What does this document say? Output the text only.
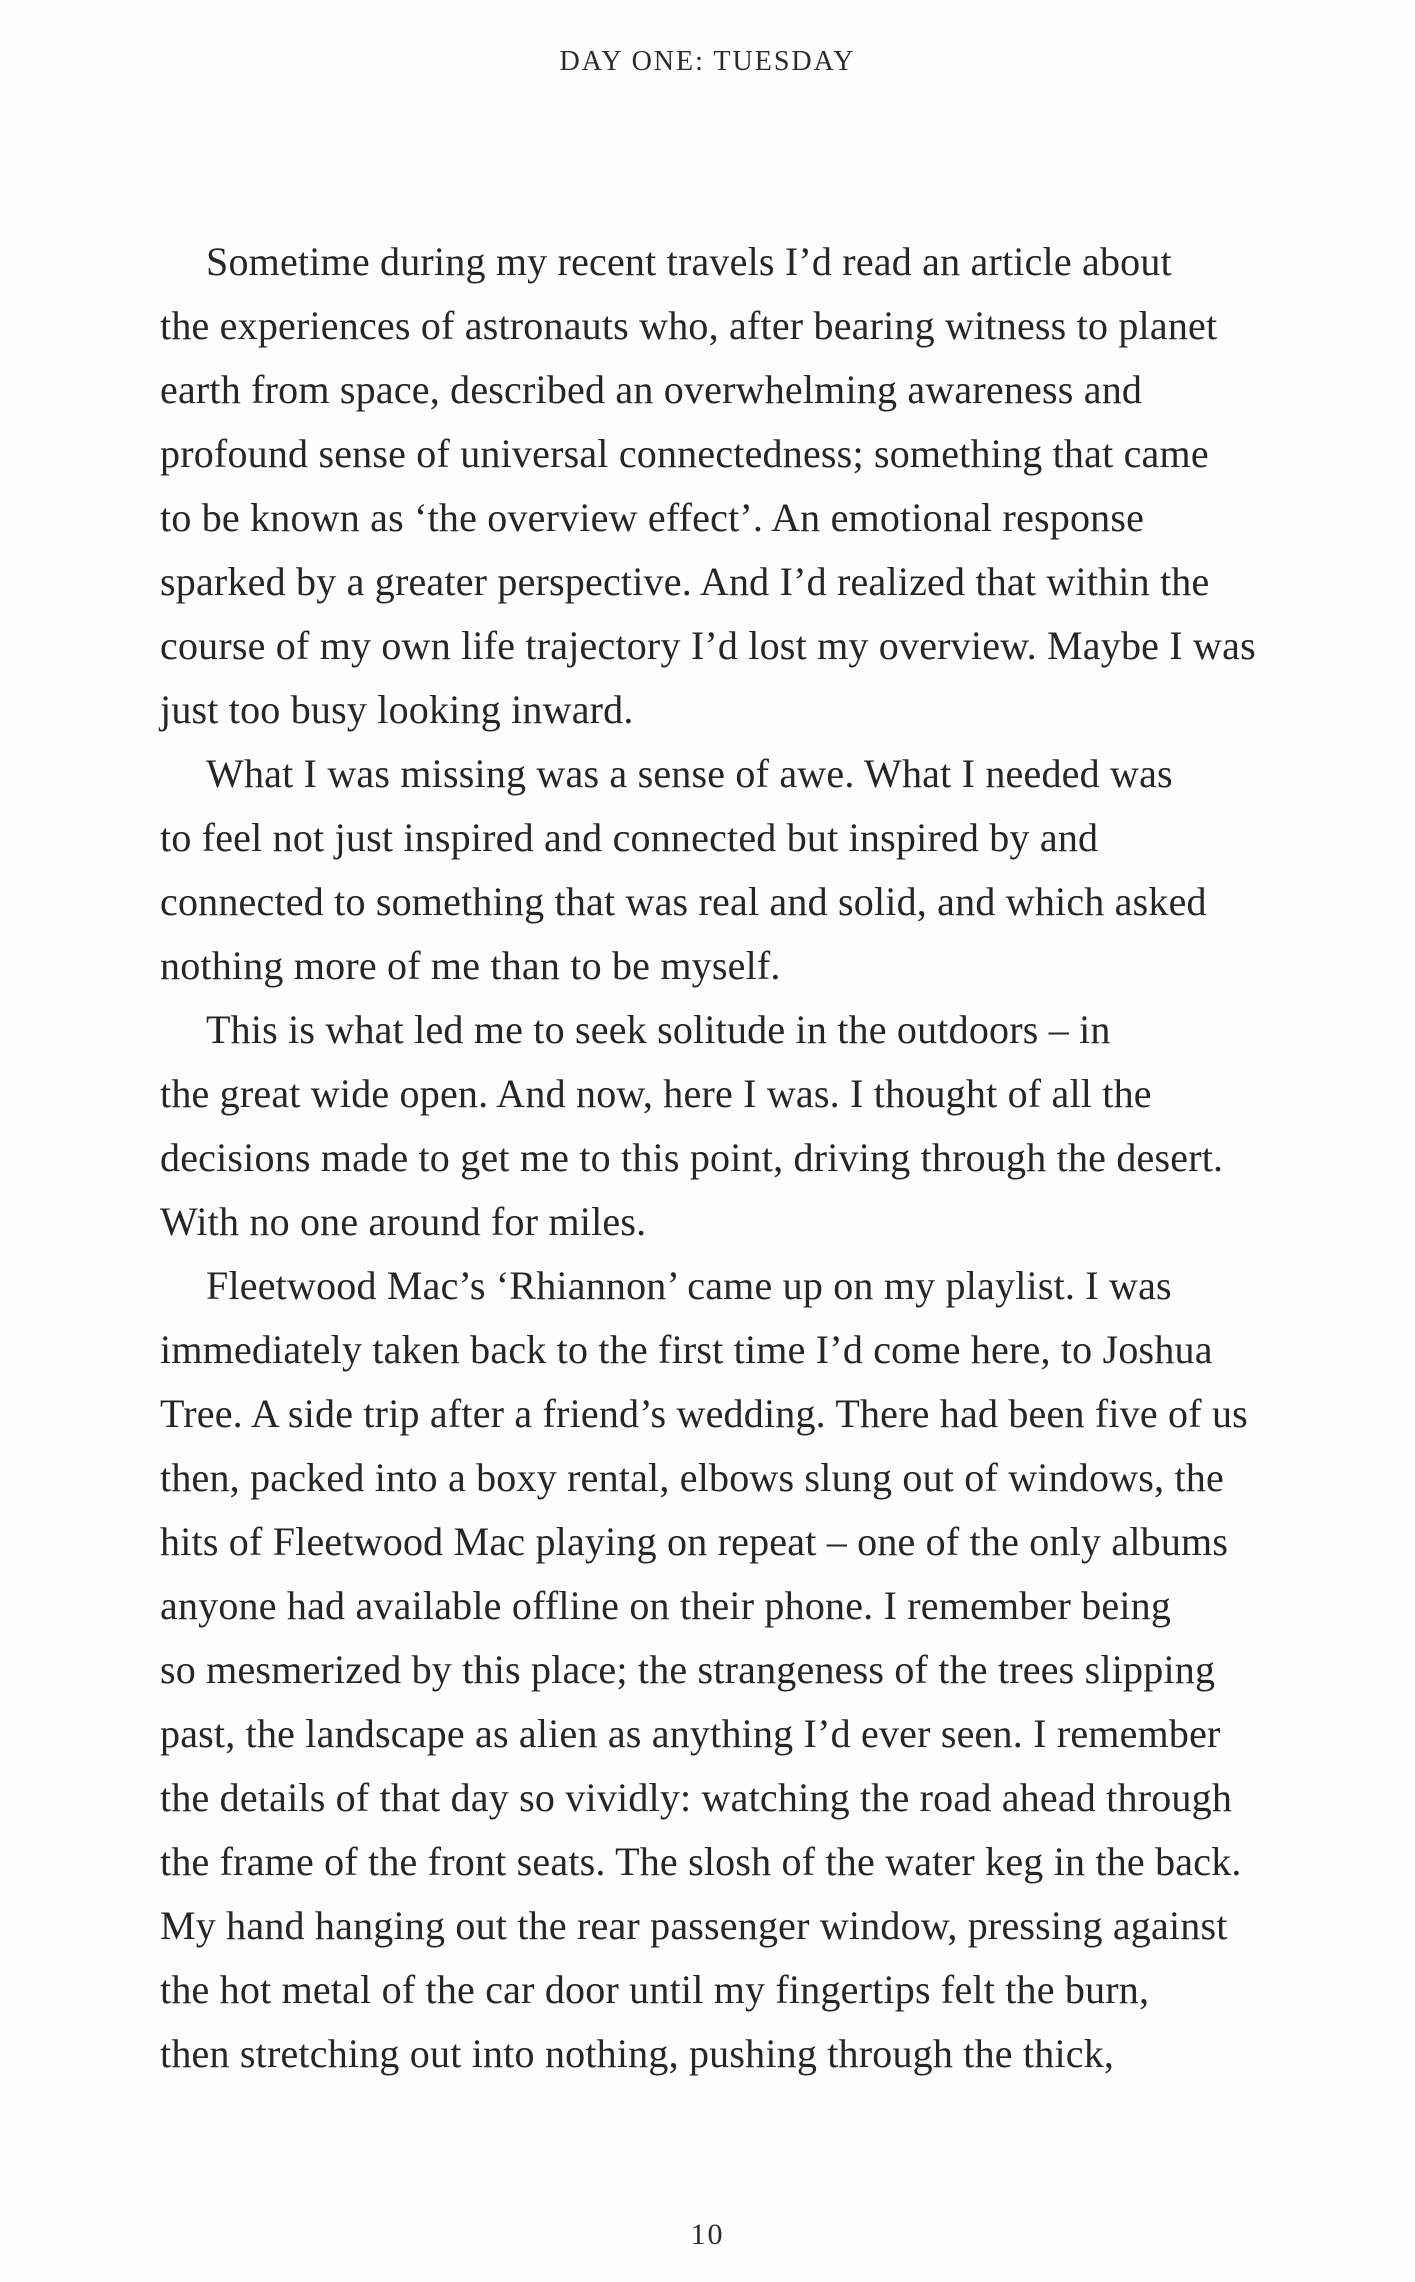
DAY ONE: TUESDAY
Sometime during my recent travels I’d read an article about
the experiences of astronauts who, after bearing witness to planet
earth from space, described an overwhelming awareness and
profound sense of universal connectedness; something that came
to be known as ‘the overview effect’. An emotional response
sparked by a greater perspective. And I’d realized that within the
course of my own life trajectory I’d lost my overview. Maybe I was
just too busy looking inward.
What I was missing was a sense of awe. What I needed was
to feel not just inspired and connected but inspired by and
connected to something that was real and solid, and which asked
nothing more of me than to be myself.
This is what led me to seek solitude in the outdoors – in
the great wide open. And now, here I was. I thought of all the
decisions made to get me to this point, driving through the desert.
With no one around for miles.
Fleetwood Mac’s ‘Rhiannon’ came up on my playlist. I was
immediately taken back to the first time I’d come here, to Joshua
Tree. A side trip after a friend’s wedding. There had been five of us
then, packed into a boxy rental, elbows slung out of windows, the
hits of Fleetwood Mac playing on repeat – one of the only albums
anyone had available offline on their phone. I remember being
so mesmerized by this place; the strangeness of the trees slipping
past, the landscape as alien as anything I’d ever seen. I remember
the details of that day so vividly: watching the road ahead through
the frame of the front seats. The slosh of the water keg in the back.
My hand hanging out the rear passenger window, pressing against
the hot metal of the car door until my fingertips felt the burn,
then stretching out into nothing, pushing through the thick,
10
